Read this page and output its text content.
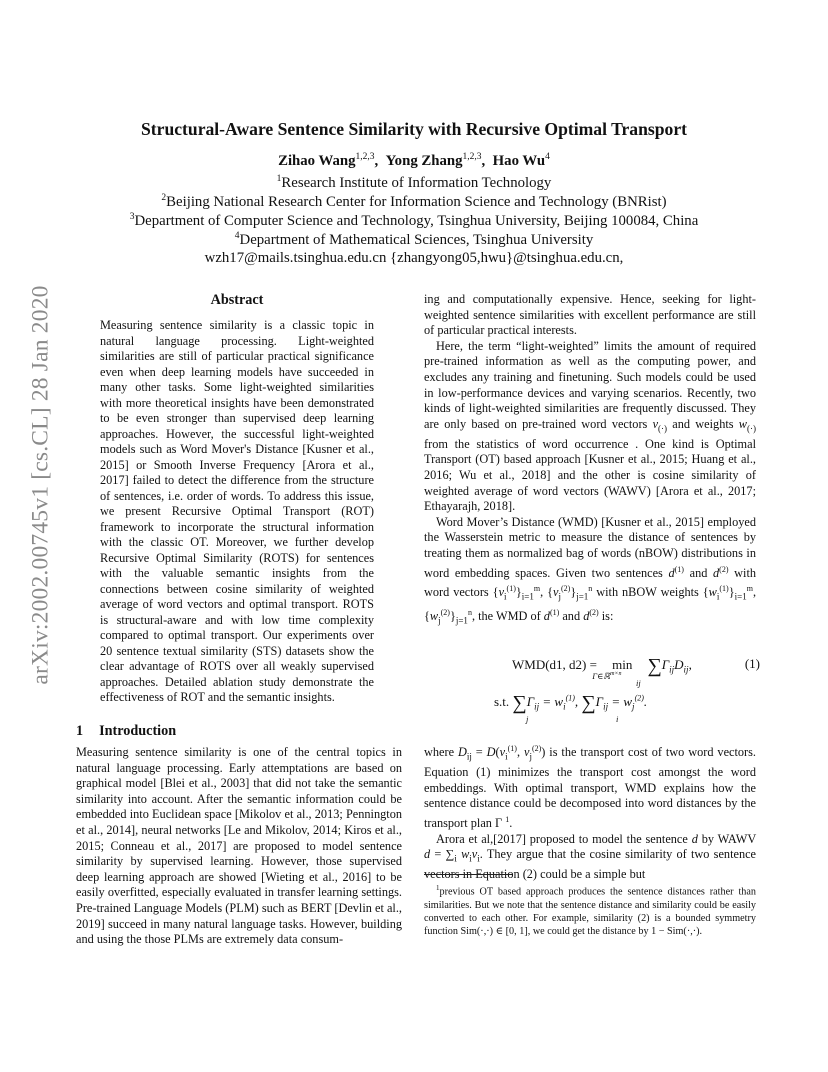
arXiv:2002.00745v1 [cs.CL] 28 Jan 2020
Structural-Aware Sentence Similarity with Recursive Optimal Transport
Zihao Wang$^{1,2,3}$,  Yong Zhang$^{1,2,3}$,  Hao Wu$^4$
$^1$Research Institute of Information Technology
$^2$Beijing National Research Center for Information Science and Technology (BNRist)
$^3$Department of Computer Science and Technology, Tsinghua University, Beijing 100084, China
$^4$Department of Mathematical Sciences, Tsinghua University
wzh17@mails.tsinghua.edu.cn {zhangyong05,hwu}@tsinghua.edu.cn,
Abstract

Measuring sentence similarity is a classic topic in natural language processing. Light-weighted similarities are still of particular practical significance even when deep learning models have succeeded in many other tasks. Some light-weighted similarities with more theoretical insights have been demonstrated to be even stronger than supervised deep learning approaches. However, the successful light-weighted models such as Word Mover's Distance [Kusner et al., 2015] or Smooth Inverse Frequency [Arora et al., 2017] failed to detect the difference from the structure of sentences, i.e. order of words. To address this issue, we present Recursive Optimal Transport (ROT) framework to incorporate the structural information with the classic OT. Moreover, we further develop Recursive Optimal Similarity (ROTS) for sentences with the valuable semantic insights from the connections between cosine similarity of weighted average of word vectors and optimal transport. ROTS is structural-aware and with low time complexity compared to optimal transport. Our experiments over 20 sentence textual similarity (STS) datasets show the clear advantage of ROTS over all weakly supervised approaches. Detailed ablation study demonstrate the effectiveness of ROT and the semantic insights.

1 Introduction

Measuring sentence similarity is one of the central topics in natural language processing. Early attemptations are based on graphical model [Blei et al., 2003] that did not take the semantic similarity into account. After the semantic information could be embedded into Euclidean space [Mikolov et al., 2013; Pennington et al., 2014], neural networks [Le and Mikolov, 2014; Kiros et al., 2015; Conneau et al., 2017] are proposed to model sentence similarity by supervised learning. However, those supervised deep learning approach are showed [Wieting et al., 2016] to be easily overfitted, especially evaluated in transfer learning settings. Pre-trained Language Models (PLM) such as BERT [Devlin et al., 2019] succeed in many natural language tasks. However, building and using the those PLMs are extremely data consum-

ing and computationally expensive. Hence, seeking for light-weighted sentence similarities with excellent performance are still of particular practical interests.

Here, the term “light-weighted” limits the amount of required pre-trained information as well as the computing power, and excludes any training and finetuning. Such models could be used in low-performance devices and varying scenarios. Recently, two kinds of light-weighted similarities are frequently discussed. They are only based on pre-trained word vectors $v_{(\cdot)}$ and weights $w_{(\cdot)}$ from the statistics of word occurrence . One kind is Optimal Transport (OT) based approach [Kusner et al., 2015; Huang et al., 2016; Wu et al., 2018] and the other is cosine similarity of weighted average of word vectors (WAWV) [Arora et al., 2017; Ethayarajh, 2018].

Word Mover’s Distance (WMD) [Kusner et al., 2015] employed the Wasserstein metric to measure the distance of sentences by treating them as normalized bag of words (nBOW) distributions in word embedding spaces. Given two sentences $d^{(1)}$ and $d^{(2)}$ with word vectors $\{v_i^{(1)}\}_{i=1}^m$, $\{v_j^{(2)}\}_{j=1}^n$ with nBOW weights $\{w_i^{(1)}\}_{i=1}^m$, $\{w_j^{(2)}\}_{j=1}^n$, the WMD of $d^{(1)}$ and $d^{(2)}$ is:

WMD(d1, d2) = min
Γ∈ℝ$^{m\times n}$ $\sum\Gamma_{ij}D_{ij}$,
ij
(1)
s.t. $\sum\Gamma_{ij} = w_i^{(1)}$, $\sum\Gamma_{ij} = w_j^{(2)}$.
j	i

where $D_{ij} = D(v_i^{(1)}$, $v_j^{(2)}$) is the transport cost of two word vectors. Equation (1) minimizes the transport cost amongst the word embeddings. With optimal transport, WMD explains how the sentence distance could be decomposed into word distances by the transport plan Γ $^1$.

Arora et al,[2017] proposed to model the sentence d by WAWV $d = \sum_i$ $w_iv_i$. They argue that the cosine similarity of two sentence vectors in Equation (2) could be a simple but

$^1$previous OT based approach produces the sentence distances rather than similarities. But we note that the sentence distance and similarity could be easily converted to each other. For example, similarity (2) is a bounded symmetry function Sim(·,·) ∈ [0, 1], we could get the distance by 1 − Sim(·,·).
